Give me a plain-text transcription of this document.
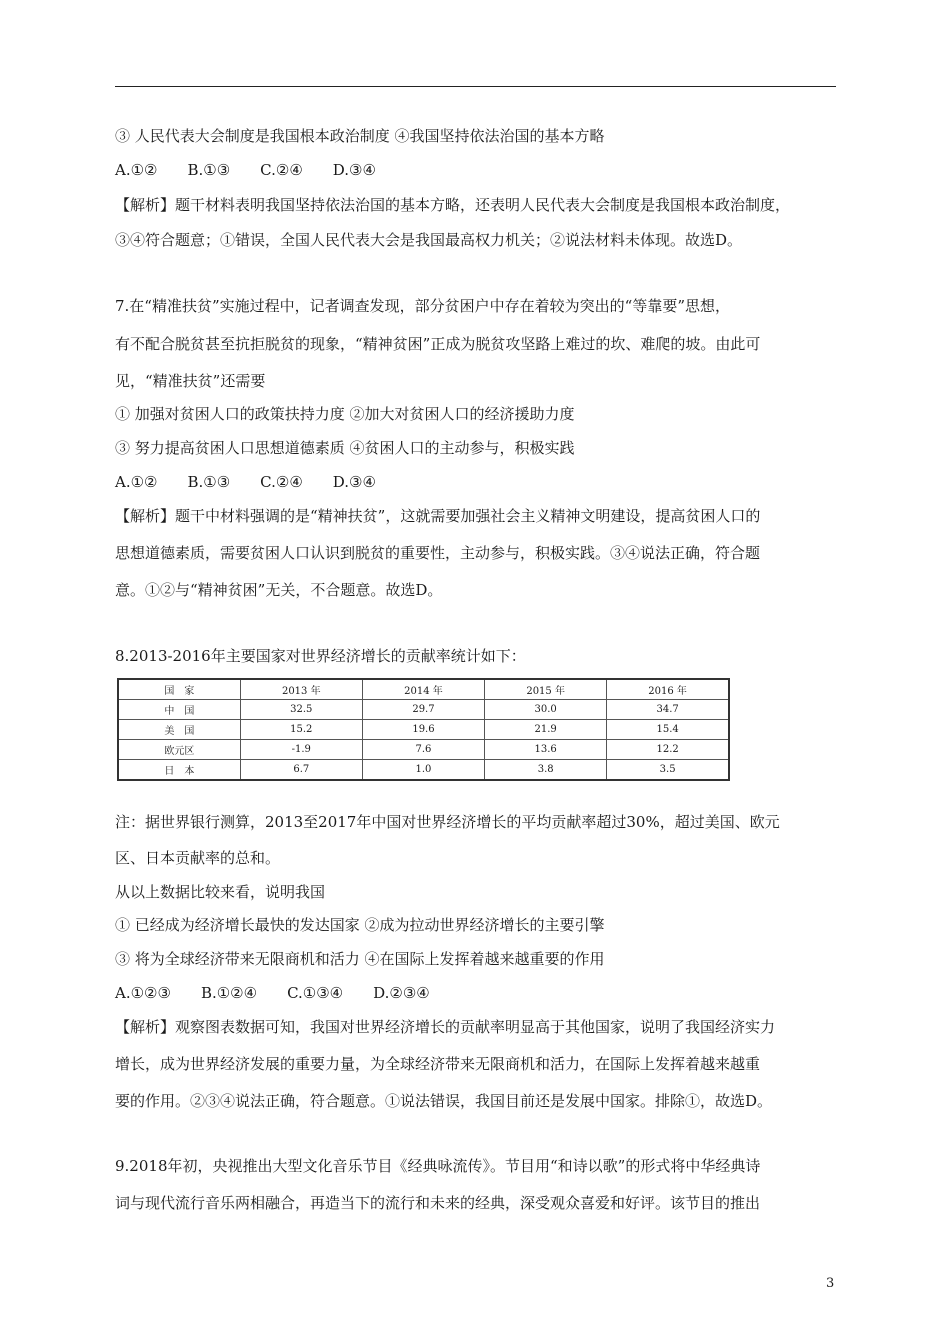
③ 人民代表大会制度是我国根本政治制度 ④我国坚持依法治国的基本方略
A.①②　　B.①③　　C.②④　　D.③④
【解析】题干材料表明我国坚持依法治国的基本方略，还表明人民代表大会制度是我国根本政治制度，
③④符合题意；①错误，全国人民代表大会是我国最高权力机关；②说法材料未体现。故选D。
7.在“精准扶贫”实施过程中，记者调查发现，部分贫困户中存在着较为突出的“等靠要”思想，
有不配合脱贫甚至抗拒脱贫的现象，“精神贫困”正成为脱贫攻坚路上难过的坎、难爬的坡。由此可
见，“精准扶贫”还需要
① 加强对贫困人口的政策扶持力度 ②加大对贫困人口的经济援助力度
③ 努力提高贫困人口思想道德素质 ④贫困人口的主动参与，积极实践
A.①②　　B.①③　　C.②④　　D.③④
【解析】题干中材料强调的是“精神扶贫”，这就需要加强社会主义精神文明建设，提高贫困人口的
思想道德素质，需要贫困人口认识到脱贫的重要性，主动参与，积极实践。③④说法正确，符合题
意。①②与“精神贫困”无关，不合题意。故选D。
8.2013-2016年主要国家对世界经济增长的贡献率统计如下：
国　家	2013 年	2014 年	2015 年	2016 年
中　国	32.5	29.7	30.0	34.7
美　国	15.2	19.6	21.9	15.4
欧元区	-1.9	7.6	13.6	12.2
日　本	6.7	1.0	3.8	3.5
注：据世界银行测算，2013至2017年中国对世界经济增长的平均贡献率超过30%，超过美国、欧元
区、日本贡献率的总和。
从以上数据比较来看，说明我国
① 已经成为经济增长最快的发达国家 ②成为拉动世界经济增长的主要引擎
③ 将为全球经济带来无限商机和活力 ④在国际上发挥着越来越重要的作用
A.①②③　　B.①②④　　C.①③④　　D.②③④
【解析】观察图表数据可知，我国对世界经济增长的贡献率明显高于其他国家，说明了我国经济实力
增长，成为世界经济发展的重要力量，为全球经济带来无限商机和活力，在国际上发挥着越来越重
要的作用。②③④说法正确，符合题意。①说法错误，我国目前还是发展中国家。排除①，故选D。
9.2018年初，央视推出大型文化音乐节目《经典咏流传》。节目用“和诗以歌”的形式将中华经典诗
词与现代流行音乐两相融合，再造当下的流行和未来的经典，深受观众喜爱和好评。该节目的推出
3
